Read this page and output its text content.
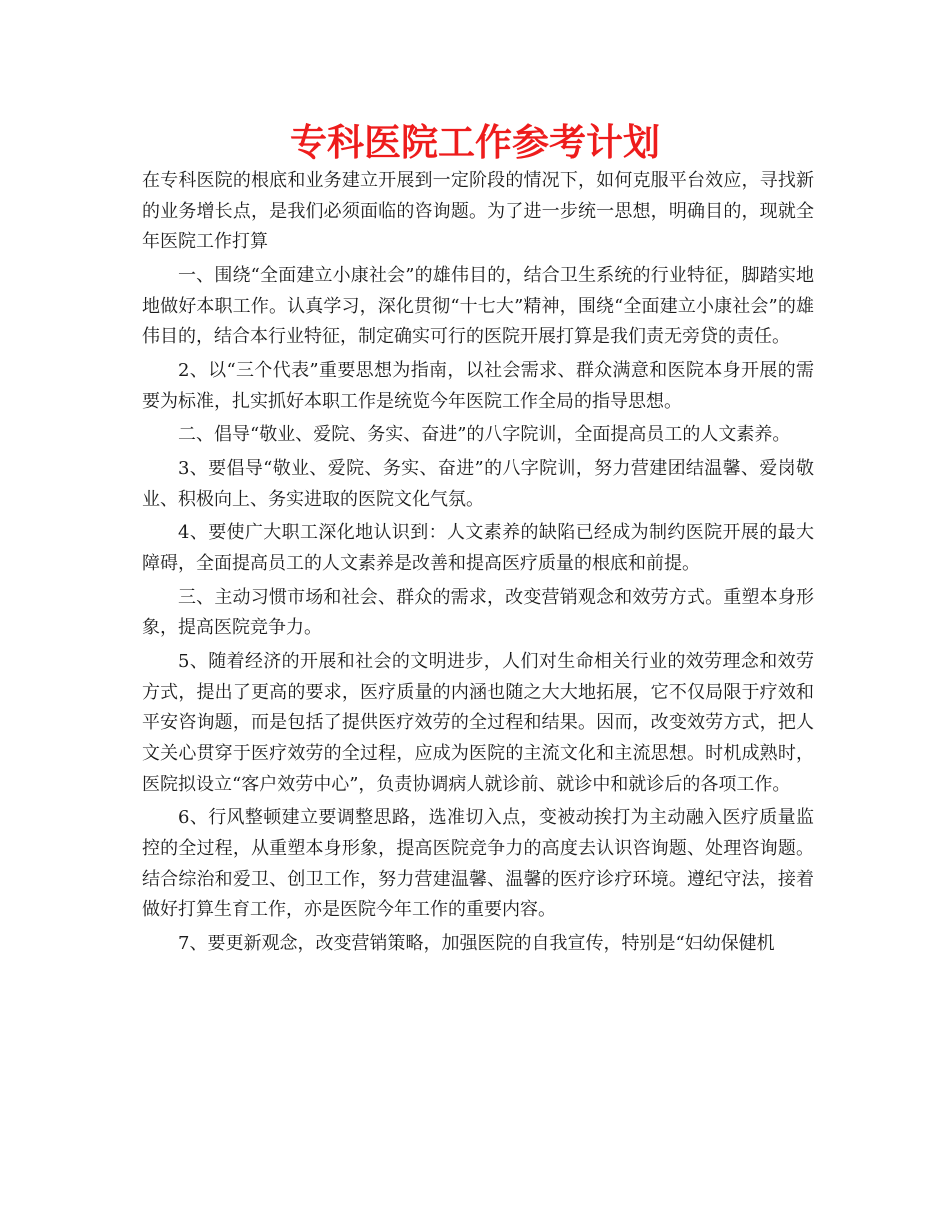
专科医院工作参考计划

在专科医院的根底和业务建立开展到一定阶段的情况下，如何克服平台效应，寻找新的业务增长点，是我们必须面临的咨询题。为了进一步统一思想，明确目的，现就全年医院工作打算

一、围绕“全面建立小康社会”的雄伟目的，结合卫生系统的行业特征，脚踏实地地做好本职工作。认真学习，深化贯彻“十七大”精神，围绕“全面建立小康社会”的雄伟目的，结合本行业特征，制定确实可行的医院开展打算是我们责无旁贷的责任。

2、以“三个代表”重要思想为指南，以社会需求、群众满意和医院本身开展的需要为标准，扎实抓好本职工作是统览今年医院工作全局的指导思想。

二、倡导“敬业、爱院、务实、奋进”的八字院训，全面提高员工的人文素养。

3、要倡导“敬业、爱院、务实、奋进”的八字院训，努力营建团结温馨、爱岗敬业、积极向上、务实进取的医院文化气氛。

4、要使广大职工深化地认识到：人文素养的缺陷已经成为制约医院开展的最大障碍，全面提高员工的人文素养是改善和提高医疗质量的根底和前提。

三、主动习惯市场和社会、群众的需求，改变营销观念和效劳方式。重塑本身形象，提高医院竞争力。

5、随着经济的开展和社会的文明进步，人们对生命相关行业的效劳理念和效劳方式，提出了更高的要求，医疗质量的内涵也随之大大地拓展，它不仅局限于疗效和平安咨询题，而是包括了提供医疗效劳的全过程和结果。因而，改变效劳方式，把人文关心贯穿于医疗效劳的全过程，应成为医院的主流文化和主流思想。时机成熟时，医院拟设立“客户效劳中心”，负责协调病人就诊前、就诊中和就诊后的各项工作。

6、行风整顿建立要调整思路，选准切入点，变被动挨打为主动融入医疗质量监控的全过程，从重塑本身形象，提高医院竞争力的高度去认识咨询题、处理咨询题。结合综治和爱卫、创卫工作，努力营建温馨、温馨的医疗诊疗环境。遵纪守法，接着做好打算生育工作，亦是医院今年工作的重要内容。

7、要更新观念，改变营销策略，加强医院的自我宣传，特别是“妇幼保健机
